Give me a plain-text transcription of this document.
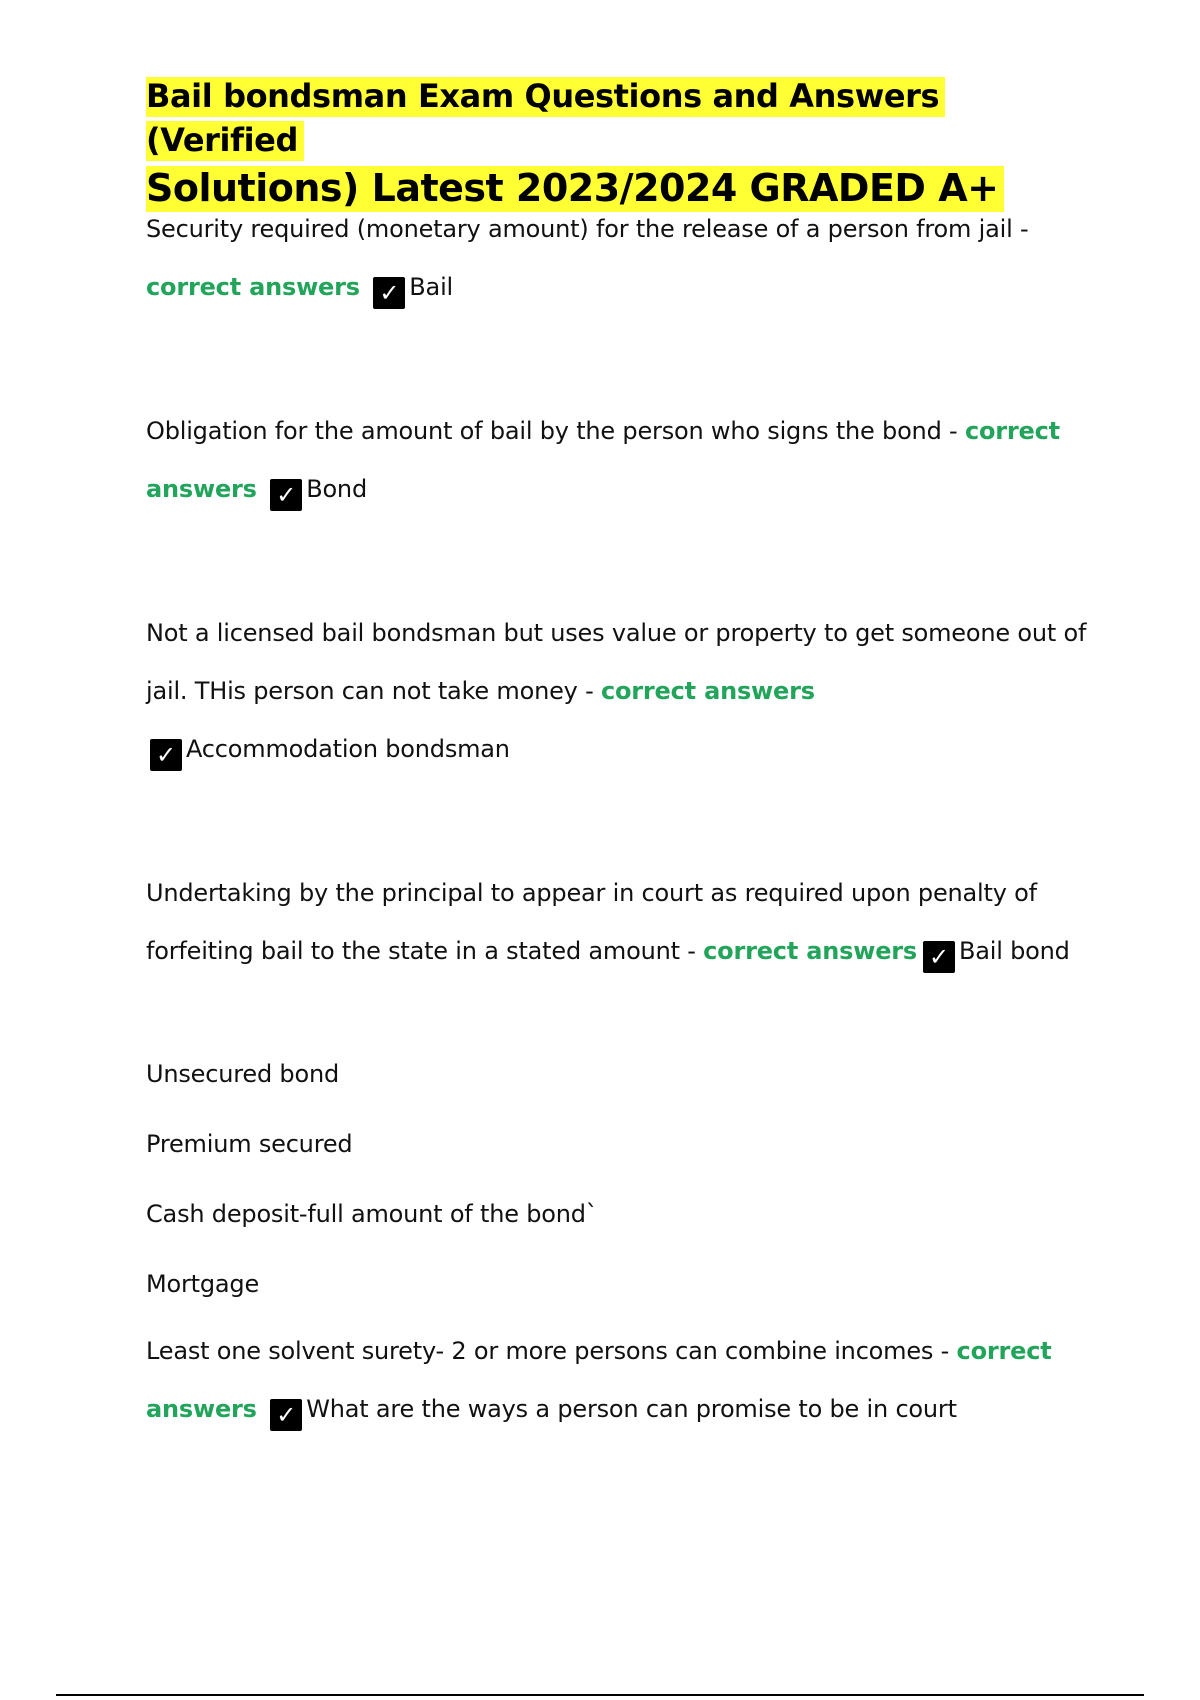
Bail bondsman Exam Questions and Answers (Verified
Solutions) Latest 2023/2024 GRADED A+

Security required (monetary amount) for the release of a person from jail -
correct answers ✓ Bail

Obligation for the amount of bail by the person who signs the bond - correct answers ✓ Bond

Not a licensed bail bondsman but uses value or property to get someone out of jail. THis person can not take money - correct answers
✓ Accommodation bondsman

Undertaking by the principal to appear in court as required upon penalty of forfeiting bail to the state in a stated amount - correct answers ✓ Bail bond

Unsecured bond

Premium secured

Cash deposit-full amount of the bond`

Mortgage

Least one solvent surety- 2 or more persons can combine incomes - correct answers ✓ What are the ways a person can promise to be in court
